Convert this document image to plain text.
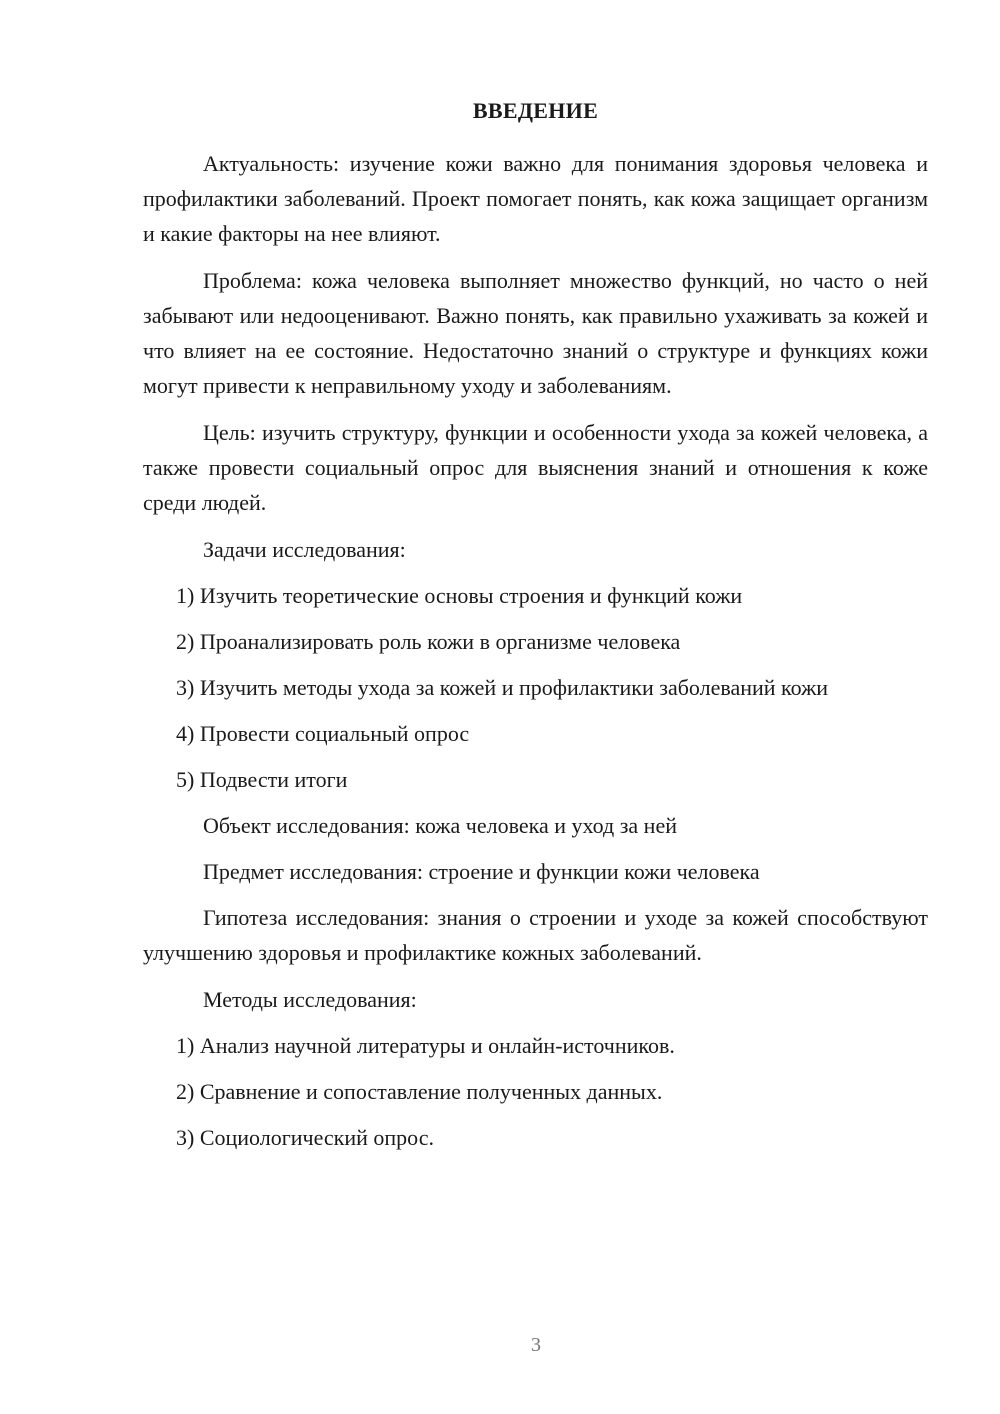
ВВЕДЕНИЕ

Актуальность: изучение кожи важно для понимания здоровья человека и профилактики заболеваний. Проект помогает понять, как кожа защищает организм и какие факторы на нее влияют.

Проблема: кожа человека выполняет множество функций, но часто о ней забывают или недооценивают. Важно понять, как правильно ухаживать за кожей и что влияет на ее состояние. Недостаточно знаний о структуре и функциях кожи могут привести к неправильному уходу и заболеваниям.

Цель: изучить структуру, функции и особенности ухода за кожей человека, а также провести социальный опрос для выяснения знаний и отношения к коже среди людей.

Задачи исследования:
1) Изучить теоретические основы строения и функций кожи
2) Проанализировать роль кожи в организме человека
3) Изучить методы ухода за кожей и профилактики заболеваний кожи
4) Провести социальный опрос
5) Подвести итоги
Объект исследования: кожа человека и уход за ней
Предмет исследования: строение и функции кожи человека

Гипотеза исследования: знания о строении и уходе за кожей способствуют улучшению здоровья и профилактике кожных заболеваний.

Методы исследования:
1) Анализ научной литературы и онлайн-источников.
2) Сравнение и сопоставление полученных данных.
3) Социологический опрос.
3
